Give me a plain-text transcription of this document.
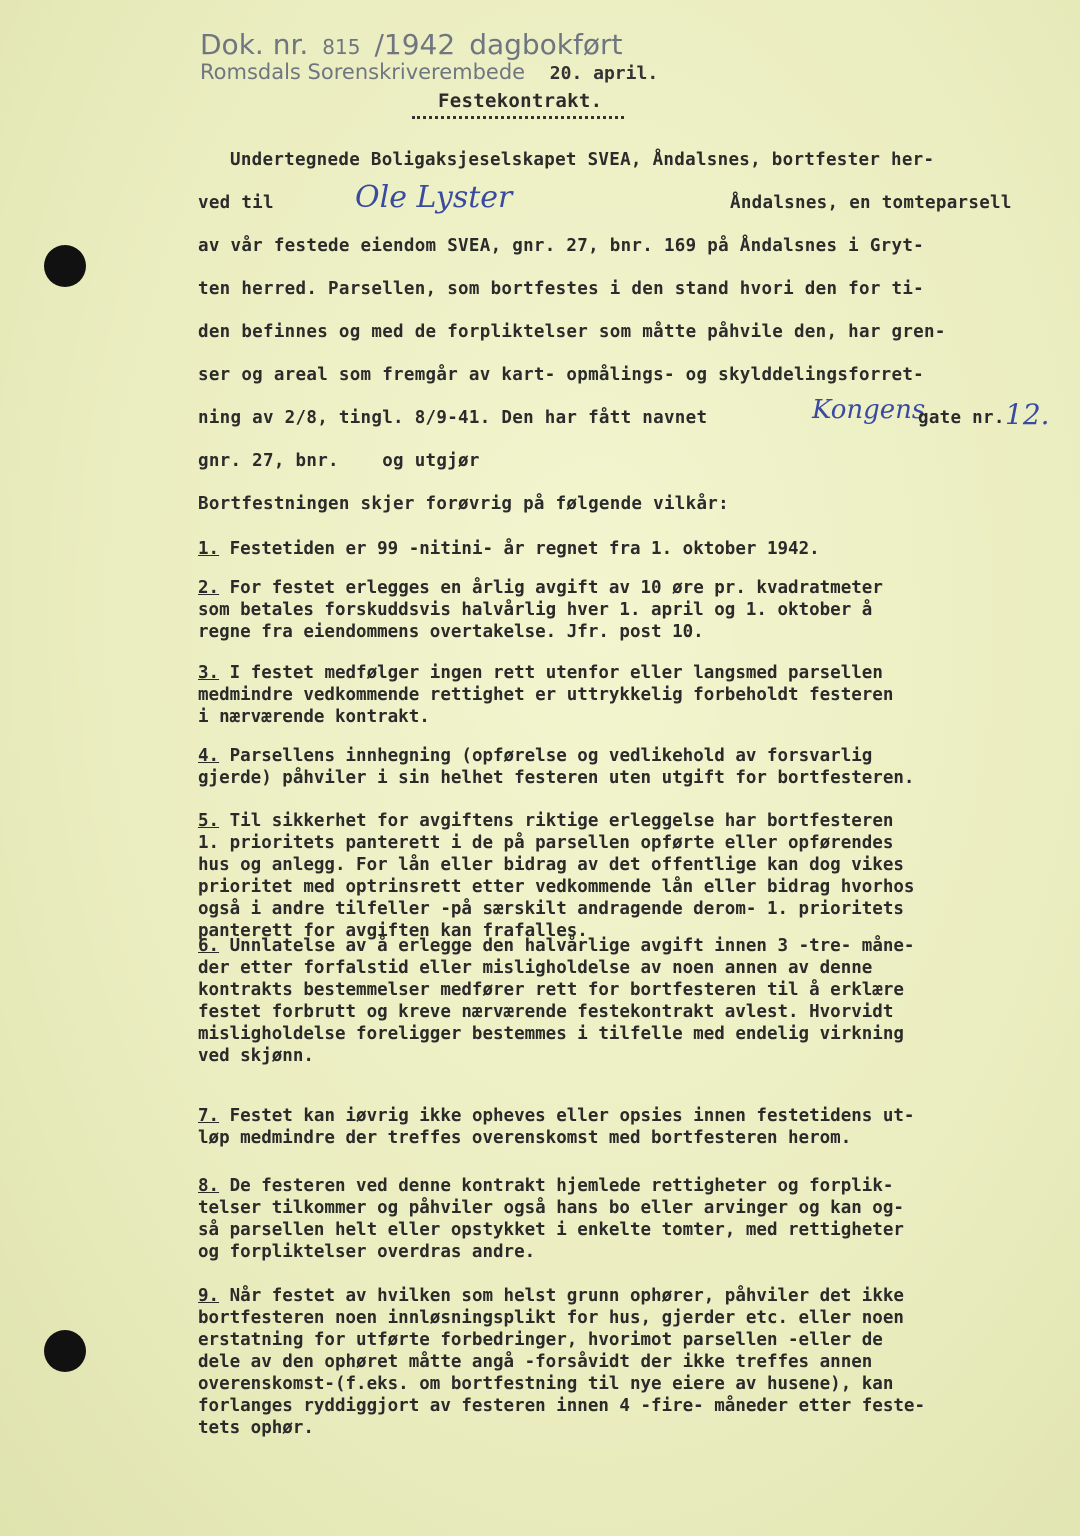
Dok. nr. 815 /1942 dagbokført
Romsdals Sorenskriverembede 20. april.
Festekontrakt.
Undertegnede Boligaksjeselskapet SVEA, Åndalsnes, bortfester her-
ved til	Ole Lyster	Åndalsnes, en tomteparsell
av vår festede eiendom SVEA, gnr. 27, bnr. 169 på Åndalsnes i Gryt-
ten herred. Parsellen, som bortfestes i den stand hvori den for ti-
den befinnes og med de forpliktelser som måtte påhvile den, har gren-
ser og areal som fremgår av kart- opmålings- og skylddelingsforret-
ning av 2/8, tingl. 8/9-41. Den har fått navnet	Kongens
gate nr. 12.
gnr. 27, bnr.    og utgjør
Bortfestningen skjer forøvrig på følgende vilkår:
1. Festetiden er 99 -nitini- år regnet fra 1. oktober 1942.
2. For festet erlegges en årlig avgift av 10 øre pr. kvadratmeter
som betales forskuddsvis halvårlig hver 1. april og 1. oktober å
regne fra eiendommens overtakelse. Jfr. post 10.
3. I festet medfølger ingen rett utenfor eller langsmed parsellen
medmindre vedkommende rettighet er uttrykkelig forbeholdt festeren
i nærværende kontrakt.
4. Parsellens innhegning (opførelse og vedlikehold av forsvarlig
gjerde) påhviler i sin helhet festeren uten utgift for bortfesteren.
5. Til sikkerhet for avgiftens riktige erleggelse har bortfesteren
1. prioritets panterett i de på parsellen opførte eller opførendes
hus og anlegg. For lån eller bidrag av det offentlige kan dog vikes
prioritet med optrinsrett etter vedkommende lån eller bidrag hvorhos
også i andre tilfeller -på særskilt andragende derom- 1. prioritets
panterett for avgiften kan frafalles.
6. Unnlatelse av å erlegge den halvårlige avgift innen 3 -tre- måne-
der etter forfalstid eller misligholdelse av noen annen av denne
kontrakts bestemmelser medfører rett for bortfesteren til å erklære
festet forbrutt og kreve nærværende festekontrakt avlest. Hvorvidt
misligholdelse foreligger bestemmes i tilfelle med endelig virkning
ved skjønn.
7. Festet kan iøvrig ikke opheves eller opsies innen festetidens ut-
løp medmindre der treffes overenskomst med bortfesteren herom.
8. De festeren ved denne kontrakt hjemlede rettigheter og forplik-
telser tilkommer og påhviler også hans bo eller arvinger og kan og-
så parsellen helt eller opstykket i enkelte tomter, med rettigheter
og forpliktelser overdras andre.
9. Når festet av hvilken som helst grunn ophører, påhviler det ikke
bortfesteren noen innløsningsplikt for hus, gjerder etc. eller noen
erstatning for utførte forbedringer, hvorimot parsellen -eller de
dele av den ophøret måtte angå -forsåvidt der ikke treffes annen
overenskomst-(f.eks. om bortfestning til nye eiere av husene), kan
forlanges ryddiggjort av festeren innen 4 -fire- måneder etter feste-
tets ophør.
